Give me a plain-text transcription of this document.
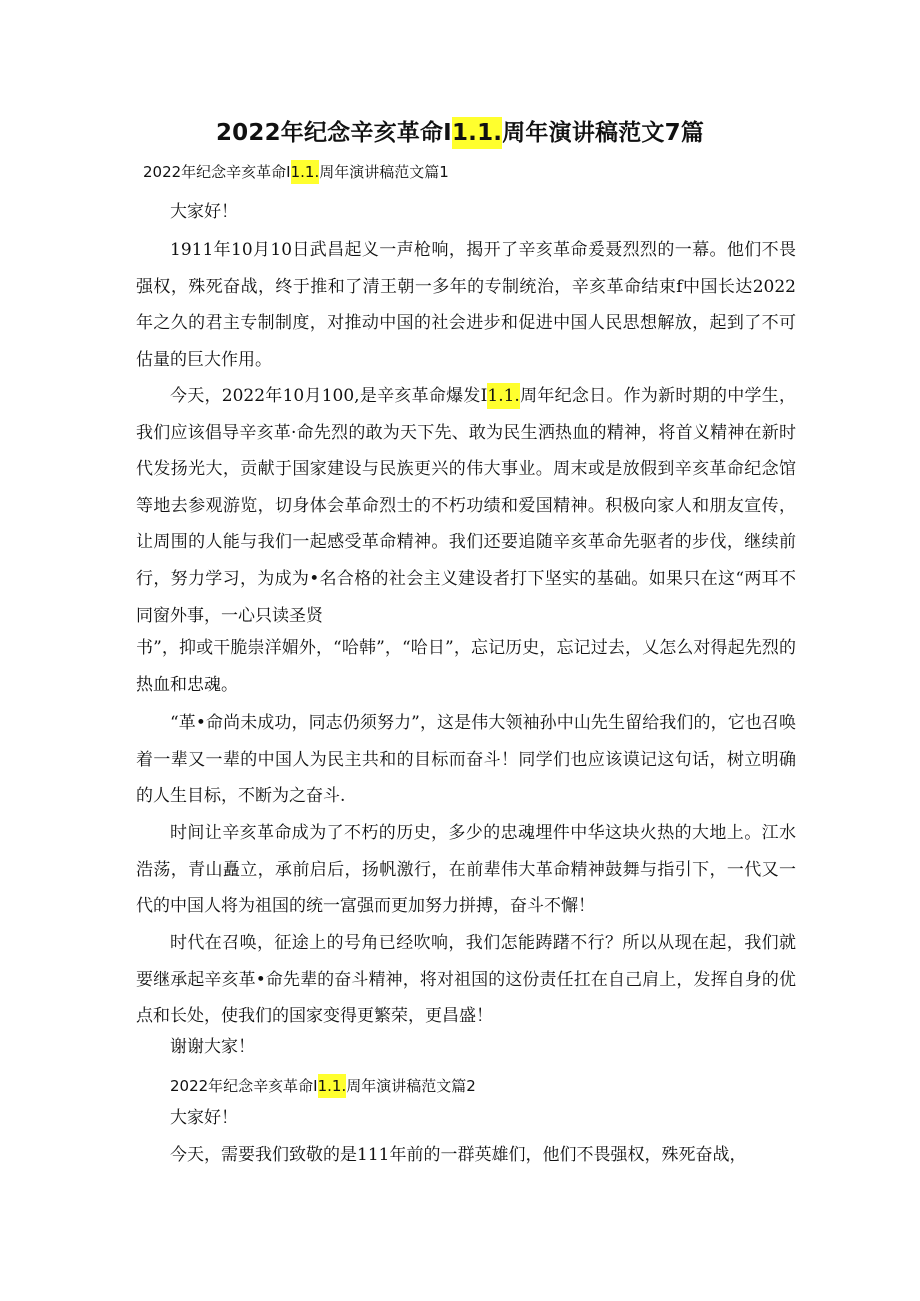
2022年纪念辛亥革命I1.1.周年演讲稿范文7篇
2022年纪念辛亥革命I1.1.周年演讲稿范文篇1
大家好！
1911年10月10日武昌起义一声枪响，揭开了辛亥革命爰聂烈烈的一幕。他们不畏强权，殊死奋战，终于推和了清王朝一多年的专制统治，辛亥革命结束f中国长达2022年之久的君主专制制度，对推动中国的社会进步和促进中国人民思想解放，起到了不可估量的巨大作用。
今天，2022年10月100,是辛亥革命爆发I1.1.周年纪念日。作为新时期的中学生，我们应该倡导辛亥革·命先烈的敢为天下先、敢为民生洒热血的精神，将首义精神在新时代发扬光大，贡献于国家建设与民族更兴的伟大事业。周末或是放假到辛亥革命纪念馆等地去参观游览，切身体会革命烈士的不朽功绩和爱国精神。积极向家人和朋友宣传，让周围的人能与我们一起感受革命精神。我们还要追随辛亥革命先驱者的步伐，继续前行，努力学习，为成为•名合格的社会主义建设者打下坚实的基础。如果只在这“两耳不同窗外事，一心只读圣贤
书”，抑或干脆崇洋媚外，“哈韩”，“哈日”，忘记历史，忘记过去，乂怎么对得起先烈的热血和忠魂。
“革•命尚未成功，同志仍须努力”，这是伟大领袖孙中山先生留给我们的，它也召唤着一辈又一辈的中国人为民主共和的目标而奋斗！同学们也应该谟记这句话，树立明确的人生目标，不断为之奋斗.
时间让辛亥革命成为了不朽的历史，多少的忠魂埋件中华这块火热的大地上。江水浩荡，青山矗立，承前启后，扬帆激行，在前辈伟大革命精神鼓舞与指引下，一代又一代的中国人将为祖国的统一富强而更加努力拼搏，奋斗不懈！
时代在召唤，征途上的号角已经吹响，我们怎能踌躇不行？所以从现在起，我们就要继承起辛亥革•命先辈的奋斗精神，将对祖国的这份责任扛在自己肩上，发挥自身的优点和长处，使我们的国家变得更繁荣，更昌盛！
谢谢大家！
2022年纪念辛亥革命I1.1.周年演讲稿范文篇2
大家好！
今天，需要我们致敬的是111年前的一群英雄们，他们不畏强权，殊死奋战，
